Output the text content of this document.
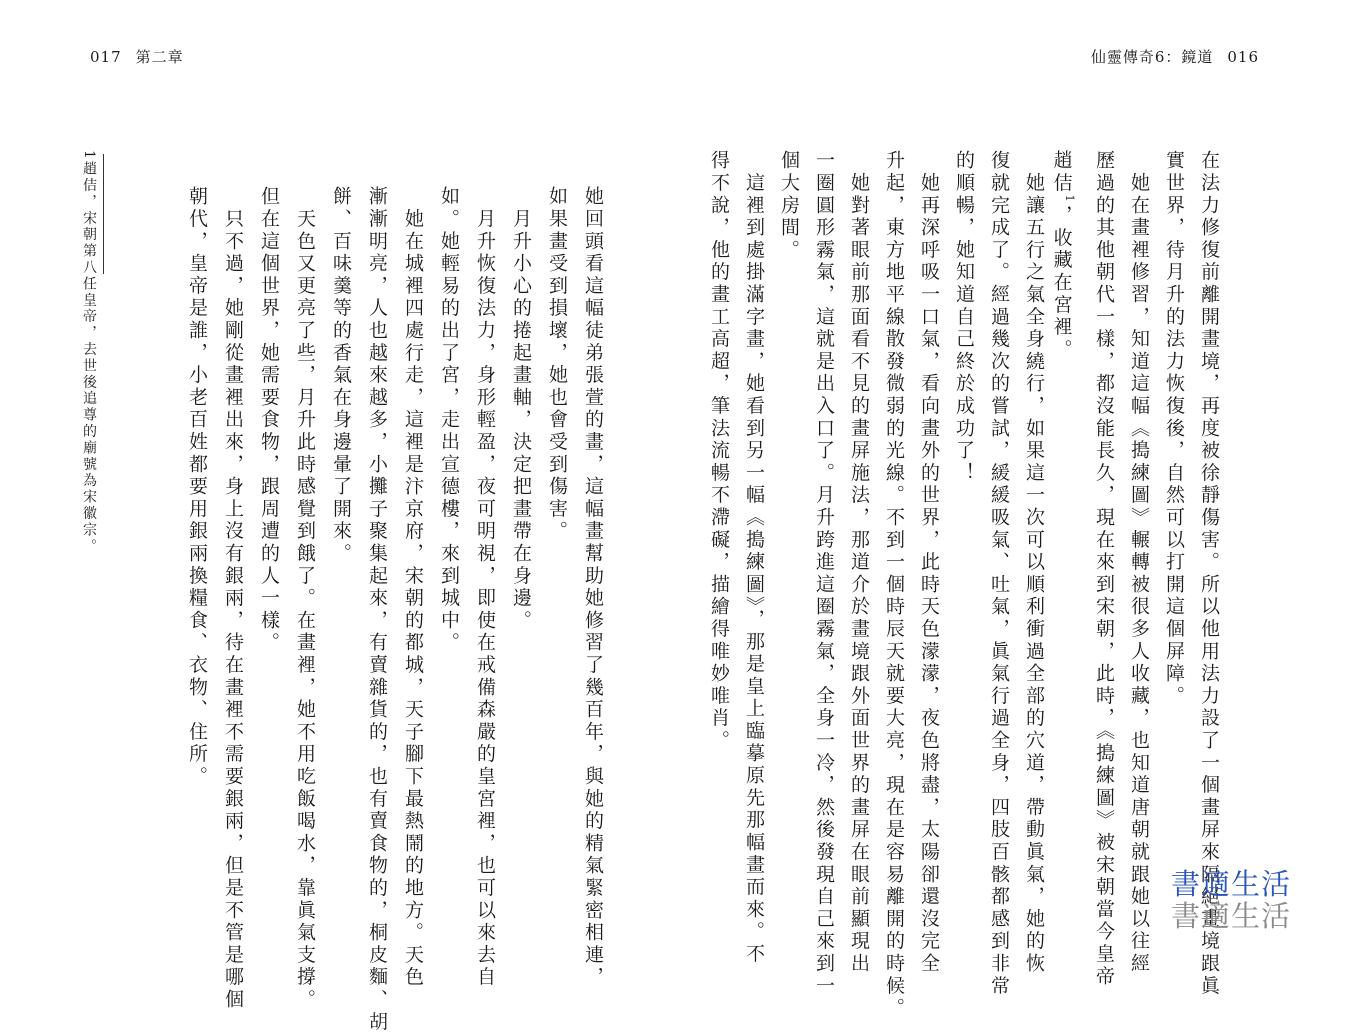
017 第二章	仙靈傳奇6：鏡道 016
在法力修復前離開畫境，再度被徐靜傷害。所以他用法力設了一個畫屏來隔絕畫境跟眞
實世界，待月升的法力恢復後，自然可以打開這個屏障。
　她在畫裡修習，知道這幅《搗練圖》輾轉被很多人收藏，也知道唐朝就跟她以往經
歷過的其他朝代一樣，都沒能長久，現在來到宋朝，此時，《搗練圖》被宋朝當今皇帝
趙佶$^1$，收藏在宮裡。
　她讓五行之氣全身繞行，如果這一次可以順利衝過全部的穴道，帶動眞氣，她的恢
復就完成了。經過幾次的嘗試，緩緩吸氣、吐氣，眞氣行過全身，四肢百骸都感到非常
的順暢，她知道自己終於成功了！
　她再深呼吸一口氣，看向畫外的世界，此時天色濛濛，夜色將盡，太陽卻還沒完全
升起，東方地平線散發微弱的光線。不到一個時辰天就要大亮，現在是容易離開的時候。
　她對著眼前那面看不見的畫屏施法，那道介於畫境跟外面世界的畫屏在眼前顯現出
一圈圓形霧氣，這就是出入口了。月升跨進這圈霧氣，全身一冷，然後發現自己來到一
個大房間。
　這裡到處掛滿字畫，她看到另一幅《搗練圖》，那是皇上臨摹原先那幅畫而來。不
得不說，他的畫工高超，筆法流暢不滯礙，描繪得唯妙唯肖。
她回頭看這幅徒弟張萱的畫，這幅畫幫助她修習了幾百年，與她的精氣緊密相連，
如果畫受到損壞，她也會受到傷害。
　月升小心的捲起畫軸，決定把畫帶在身邊。
　月升恢復法力，身形輕盈，夜可明視，即使在戒備森嚴的皇宮裡，也可以來去自
如。她輕易的出了宮，走出宣德樓，來到城中。
　她在城裡四處行走，這裡是汴京府，宋朝的都城，天子腳下最熱鬧的地方。天色
漸漸明亮，人也越來越多，小攤子聚集起來，有賣雜貨的，也有賣食物的，桐皮麵、胡
餅、百味羹等的香氣在身邊暈了開來。
　天色又更亮了些，月升此時感覺到餓了。在畫裡，她不用吃飯喝水，靠眞氣支撐。
但在這個世界，她需要食物，跟周遭的人一樣。
　只不過，她剛從畫裡出來，身上沒有銀兩，待在畫裡不需要銀兩，但是不管是哪個
朝代，皇帝是誰，小老百姓都要用銀兩換糧食、衣物、住所。
1趙佶，宋朝第八任皇帝，去世後追尊的廟號為宋徽宗。
書適生活
書適生活
